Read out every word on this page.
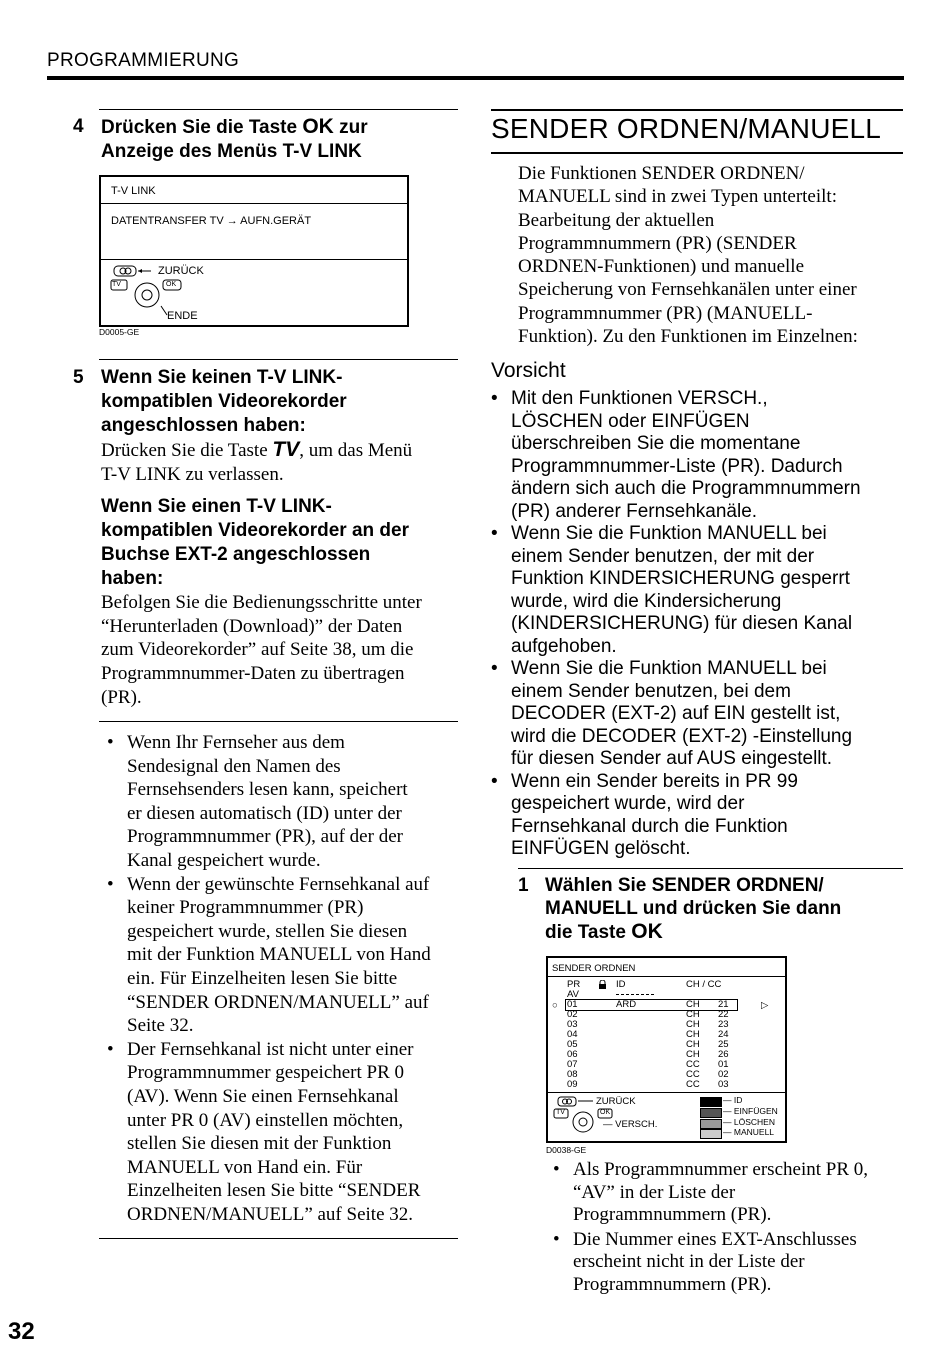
PROGRAMMIERUNG
4 Drücken Sie die Taste OK zur
Anzeige des Menüs T-V LINK
T-V LINK
DATENTRANSFER TV → AUFN.GERÄT
TV	OK
ZURÜCK
ENDE
D0005-GE
5 Wenn Sie keinen T-V LINK-
kompatiblen Videorekorder
angeschlossen haben:
Drücken Sie die Taste TV, um das Menü
T-V LINK zu verlassen.
Wenn Sie einen T-V LINK-
kompatiblen Videorekorder an der
Buchse EXT-2 angeschlossen
haben:
Befolgen Sie die Bedienungsschritte unter
“Herunterladen (Download)” der Daten
zum Videorekorder” auf Seite 38, um die
Programmnummer-Daten zu übertragen
(PR).
• Wenn Ihr Fernseher aus dem
Sendesignal den Namen des
Fernsehsenders lesen kann, speichert
er diesen automatisch (ID) unter der
Programmnummer (PR), auf der der
Kanal gespeichert wurde.
• Wenn der gewünschte Fernsehkanal auf
keiner Programmnummer (PR)
gespeichert wurde, stellen Sie diesen
mit der Funktion MANUELL von Hand
ein. Für Einzelheiten lesen Sie bitte
“SENDER ORDNEN/MANUELL” auf
Seite 32.
• Der Fernsehkanal ist nicht unter einer
Programmnummer gespeichert PR 0
(AV). Wenn Sie einen Fernsehkanal
unter PR 0 (AV) einstellen möchten,
stellen Sie diesen mit der Funktion
MANUELL von Hand ein. Für
Einzelheiten lesen Sie bitte “SENDER
ORDNEN/MANUELL” auf Seite 32.
SENDER ORDNEN/MANUELL
Die Funktionen SENDER ORDNEN/
MANUELL sind in zwei Typen unterteilt:
Bearbeitung der aktuellen
Programmnummern (PR) (SENDER
ORDNEN-Funktionen) und manuelle
Speicherung von Fernsehkanälen unter einer
Programmnummer (PR) (MANUELL-
Funktion). Zu den Funktionen im Einzelnen:
Vorsicht
• Mit den Funktionen VERSCH.,
LÖSCHEN oder EINFÜGEN
überschreiben Sie die momentane
Programmnummer-Liste (PR). Dadurch
ändern sich auch die Programmnummern
(PR) anderer Fernsehkanäle.
• Wenn Sie die Funktion MANUELL bei
einem Sender benutzen, der mit der
Funktion KINDERSICHERUNG gesperrt
wurde, wird die Kindersicherung
(KINDERSICHERUNG) für diesen Kanal
aufgehoben.
• Wenn Sie die Funktion MANUELL bei
einem Sender benutzen, bei dem
DECODER (EXT-2) auf EIN gestellt ist,
wird die DECODER (EXT-2) -Einstellung
für diesen Sender auf AUS eingestellt.
• Wenn ein Sender bereits in PR 99
gespeichert wurde, wird der
Fernsehkanal durch die Funktion
EINFÜGEN gelöscht.
1 Wählen Sie SENDER ORDNEN/
MANUELL und drücken Sie dann
die Taste OK
SENDER ORDNEN
PR
AV
ID	CH / CC
○	▷
01	ARD	CH 21
02	CH 22
03	CH 23
04	CH 24
05	CH 25
06	CH 26
07	CC 01
08	CC 02
09	CC 03
TV	OK
ZURÜCK
— VERSCH.
— ID
— EINFÜGEN
— LÖSCHEN
— MANUELL
D0038-GE
• Als Programmnummer erscheint PR 0,
“AV” in der Liste der
Programmnummern (PR).
• Die Nummer eines EXT-Anschlusses
erscheint nicht in der Liste der
Programmnummern (PR).
32
